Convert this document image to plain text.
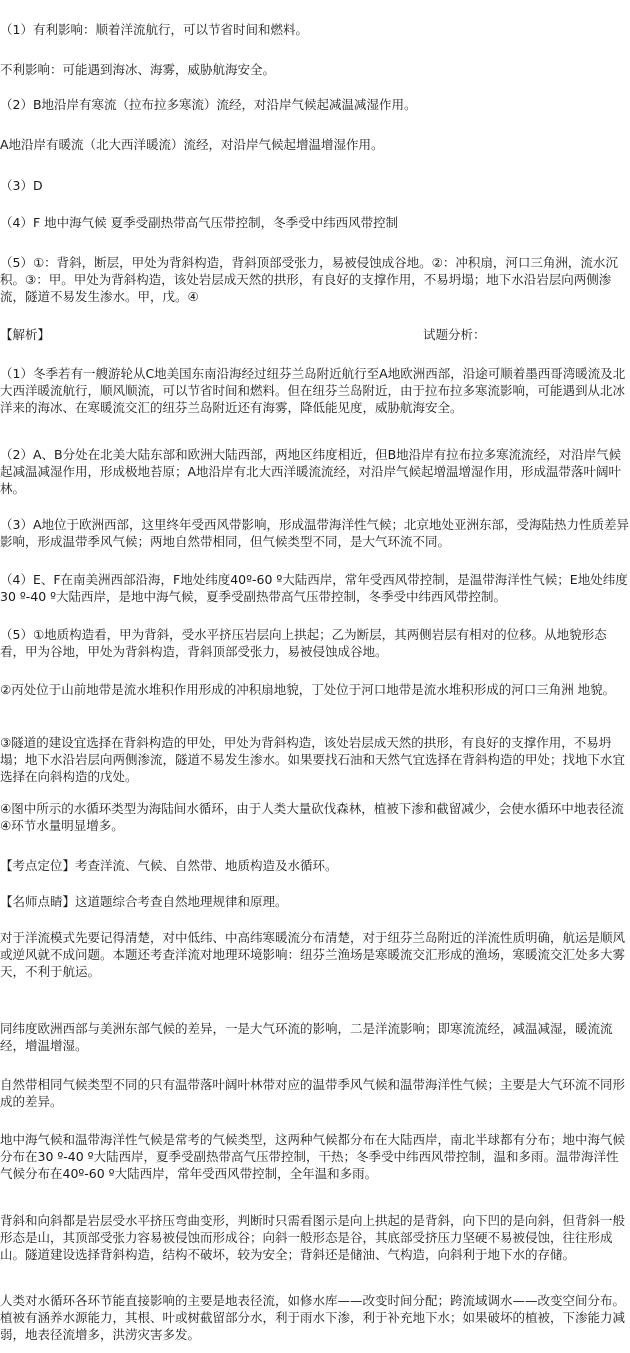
（1）有利影响：顺着洋流航行，可以节省时间和燃料。

不利影响：可能遇到海冰、海雾，威胁航海安全。

（2）B地沿岸有寒流（拉布拉多寒流）流经，对沿岸气候起减温减湿作用。

A地沿岸有暖流（北大西洋暖流）流经，对沿岸气候起增温增湿作用。

（3）D

（4）F 地中海气候 夏季受副热带高气压带控制，冬季受中纬西风带控制

（5）①：背斜，断层，甲处为背斜构造，背斜顶部受张力，易被侵蚀成谷地。②：冲积扇，河口三角洲，流水沉积。③：甲。甲处为背斜构造，该处岩层成天然的拱形，有良好的支撑作用，不易坍塌；地下水沿岩层向两侧渗流，隧道不易发生渗水。甲，戊。④

【解析】	试题分析：

（1）冬季若有一艘游轮从C地美国东南沿海经过纽芬兰岛附近航行至A地欧洲西部，沿途可顺着墨西哥湾暖流及北大西洋暖流航行，顺风顺流，可以节省时间和燃料。但在纽芬兰岛附近，由于拉布拉多寒流影响，可能遇到从北冰洋来的海冰、在寒暖流交汇的纽芬兰岛附近还有海雾，降低能见度，威胁航海安全。

（2）A、B分处在北美大陆东部和欧洲大陆西部，两地区纬度相近，但B地沿岸有拉布拉多寒流流经，对沿岸气候起减温减湿作用，形成极地苔原；A地沿岸有北大西洋暖流流经，对沿岸气候起增温增湿作用，形成温带落叶阔叶林。

（3）A地位于欧洲西部，这里终年受西风带影响，形成温带海洋性气候；北京地处亚洲东部，受海陆热力性质差异影响，形成温带季风气候；两地自然带相同，但气候类型不同，是大气环流不同。

（4）E、F在南美洲西部沿海，F地处纬度40º-60 º大陆西岸，常年受西风带控制，是温带海洋性气候；E地处纬度30 º-40 º大陆西岸，是地中海气候，夏季受副热带高气压带控制，冬季受中纬西风带控制。

（5）①地质构造看，甲为背斜，受水平挤压岩层向上拱起；乙为断层，其两侧岩层有相对的位移。从地貌形态看，甲为谷地，甲处为背斜构造，背斜顶部受张力，易被侵蚀成谷地。

②丙处位于山前地带是流水堆积作用形成的冲积扇地貌，丁处位于河口地带是流水堆积形成的河口三角洲 地貌。

③隧道的建设宜选择在背斜构造的甲处，甲处为背斜构造，该处岩层成天然的拱形，有良好的支撑作用，不易坍塌；地下水沿岩层向两侧渗流，隧道不易发生渗水。如果要找石油和天然气宜选择在背斜构造的甲处；找地下水宜选择在向斜构造的戊处。

④图中所示的水循环类型为海陆间水循环，由于人类大量砍伐森林，植被下渗和截留减少，会使水循环中地表径流④环节水量明显增多。

【考点定位】考查洋流、气候、自然带、地质构造及水循环。

【名师点睛】这道题综合考查自然地理规律和原理。

对于洋流模式先要记得清楚，对中低纬、中高纬寒暖流分布清楚，对于纽芬兰岛附近的洋流性质明确，航运是顺风或逆风就不成问题。本题还考查洋流对地理环境影响：纽芬兰渔场是寒暖流交汇形成的渔场，寒暖流交汇处多大雾天，不利于航运。

同纬度欧洲西部与美洲东部气候的差异，一是大气环流的影响，二是洋流影响；即寒流流经，减温减湿，暖流流经，增温增湿。

自然带相同气候类型不同的只有温带落叶阔叶林带对应的温带季风气候和温带海洋性气候；主要是大气环流不同形成的差异。

地中海气候和温带海洋性气候是常考的气候类型，这两种气候都分布在大陆西岸，南北半球都有分布；地中海气候分布在30 º-40 º大陆西岸，夏季受副热带高气压带控制，干热；冬季受中纬西风带控制，温和多雨。温带海洋性气候分布在40º-60 º大陆西岸，常年受西风带控制，全年温和多雨。

背斜和向斜都是岩层受水平挤压弯曲变形，判断时只需看图示是向上拱起的是背斜，向下凹的是向斜，但背斜一般形态是山，其顶部受张力容易被侵蚀而形成谷；向斜一般形态是谷，其底部受挤压力坚硬不易被侵蚀，往往形成山。隧道建设选择背斜构造，结构不破坏，较为安全；背斜还是储油、气构造，向斜利于地下水的存储。

人类对水循环各环节能直接影响的主要是地表径流，如修水库——改变时间分配；跨流域调水——改变空间分布。植被有涵养水源能力，其根、叶或树截留部分水，利于雨水下渗，利于补充地下水；如果破坏的植被，下渗能力减弱，地表径流增多，洪涝灾害多发。
